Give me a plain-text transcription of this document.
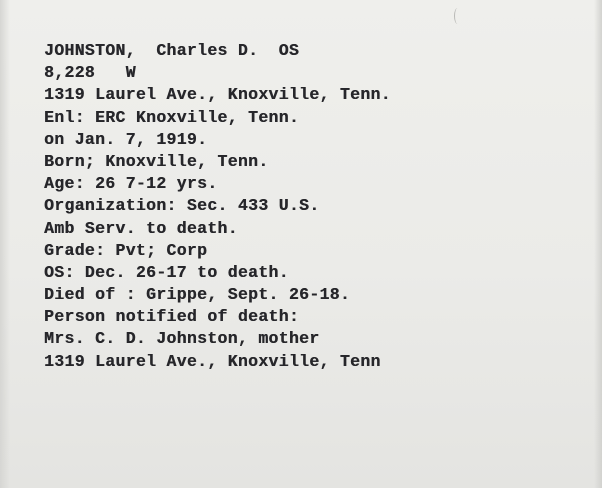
JOHNSTON,  Charles D.  OS
8,228   W
1319 Laurel Ave., Knoxville, Tenn.
Enl: ERC Knoxville, Tenn.
on Jan. 7, 1919.
Born; Knoxville, Tenn.
Age: 26 7-12 yrs.
Organization: Sec. 433 U.S.
Amb Serv. to death.
Grade: Pvt; Corp
OS: Dec. 26-17 to death.
Died of : Grippe, Sept. 26-18.
Person notified of death:
Mrs. C. D. Johnston, mother
1319 Laurel Ave., Knoxville, Tenn
